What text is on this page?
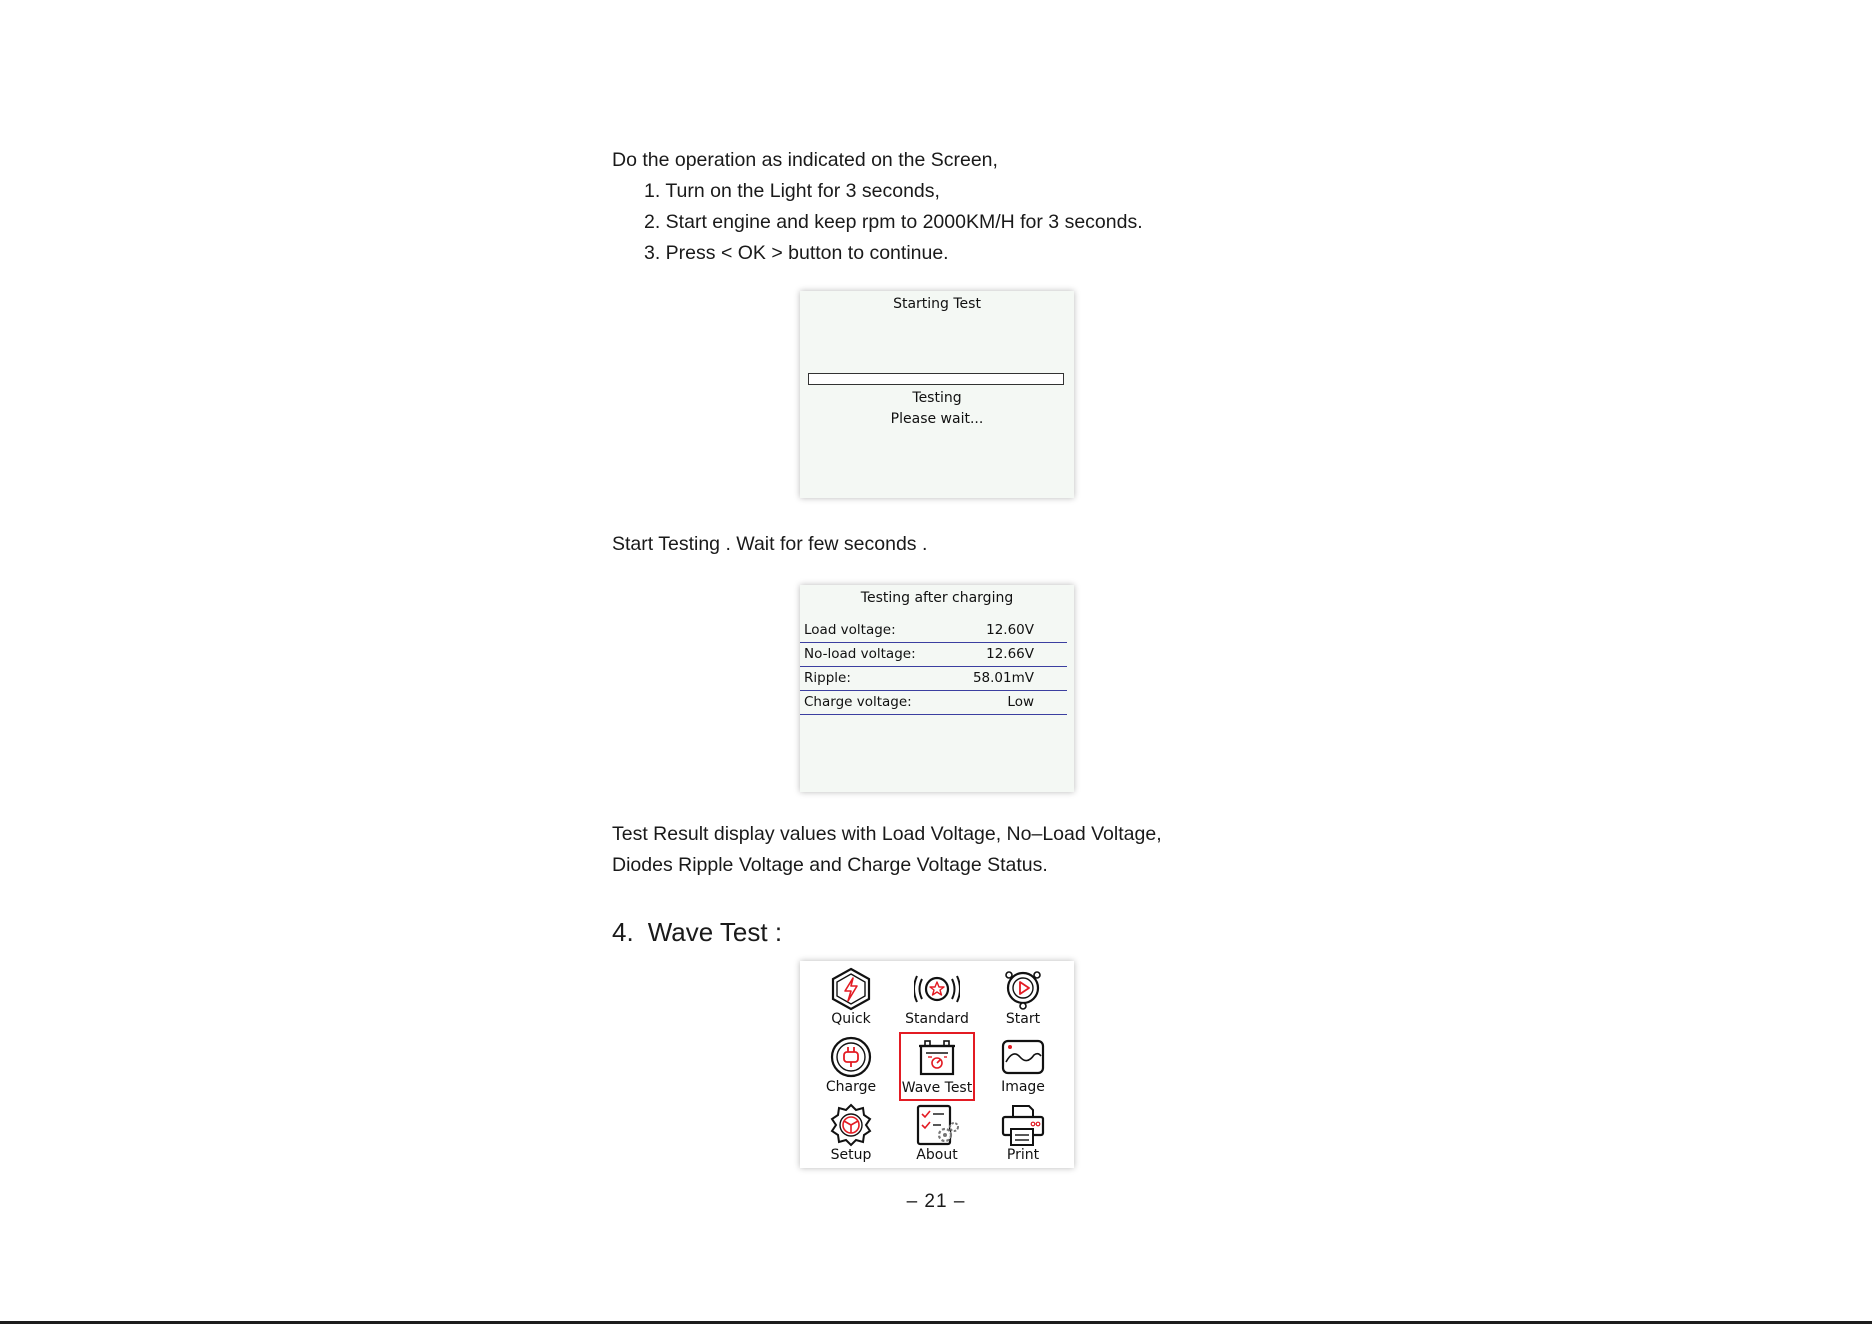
Do the operation as indicated on the Screen,
1. Turn on the Light for 3 seconds,
2. Start engine and keep rpm to 2000KM/H for 3 seconds.
3. Press < OK > button to continue.
Starting Test
Testing
Please wait...
Start Testing . Wait for few seconds .
Testing after charging
Load voltage:	12.60V
No-load voltage:	12.66V
Ripple:	58.01mV
Charge voltage:	Low
Test Result display values with Load Voltage, No–Load Voltage,
Diodes Ripple Voltage and Charge Voltage Status.
4. Wave Test :
Quick Standard	Start
Charge Wave Test Image
Setup	About	Print
– 21 –
